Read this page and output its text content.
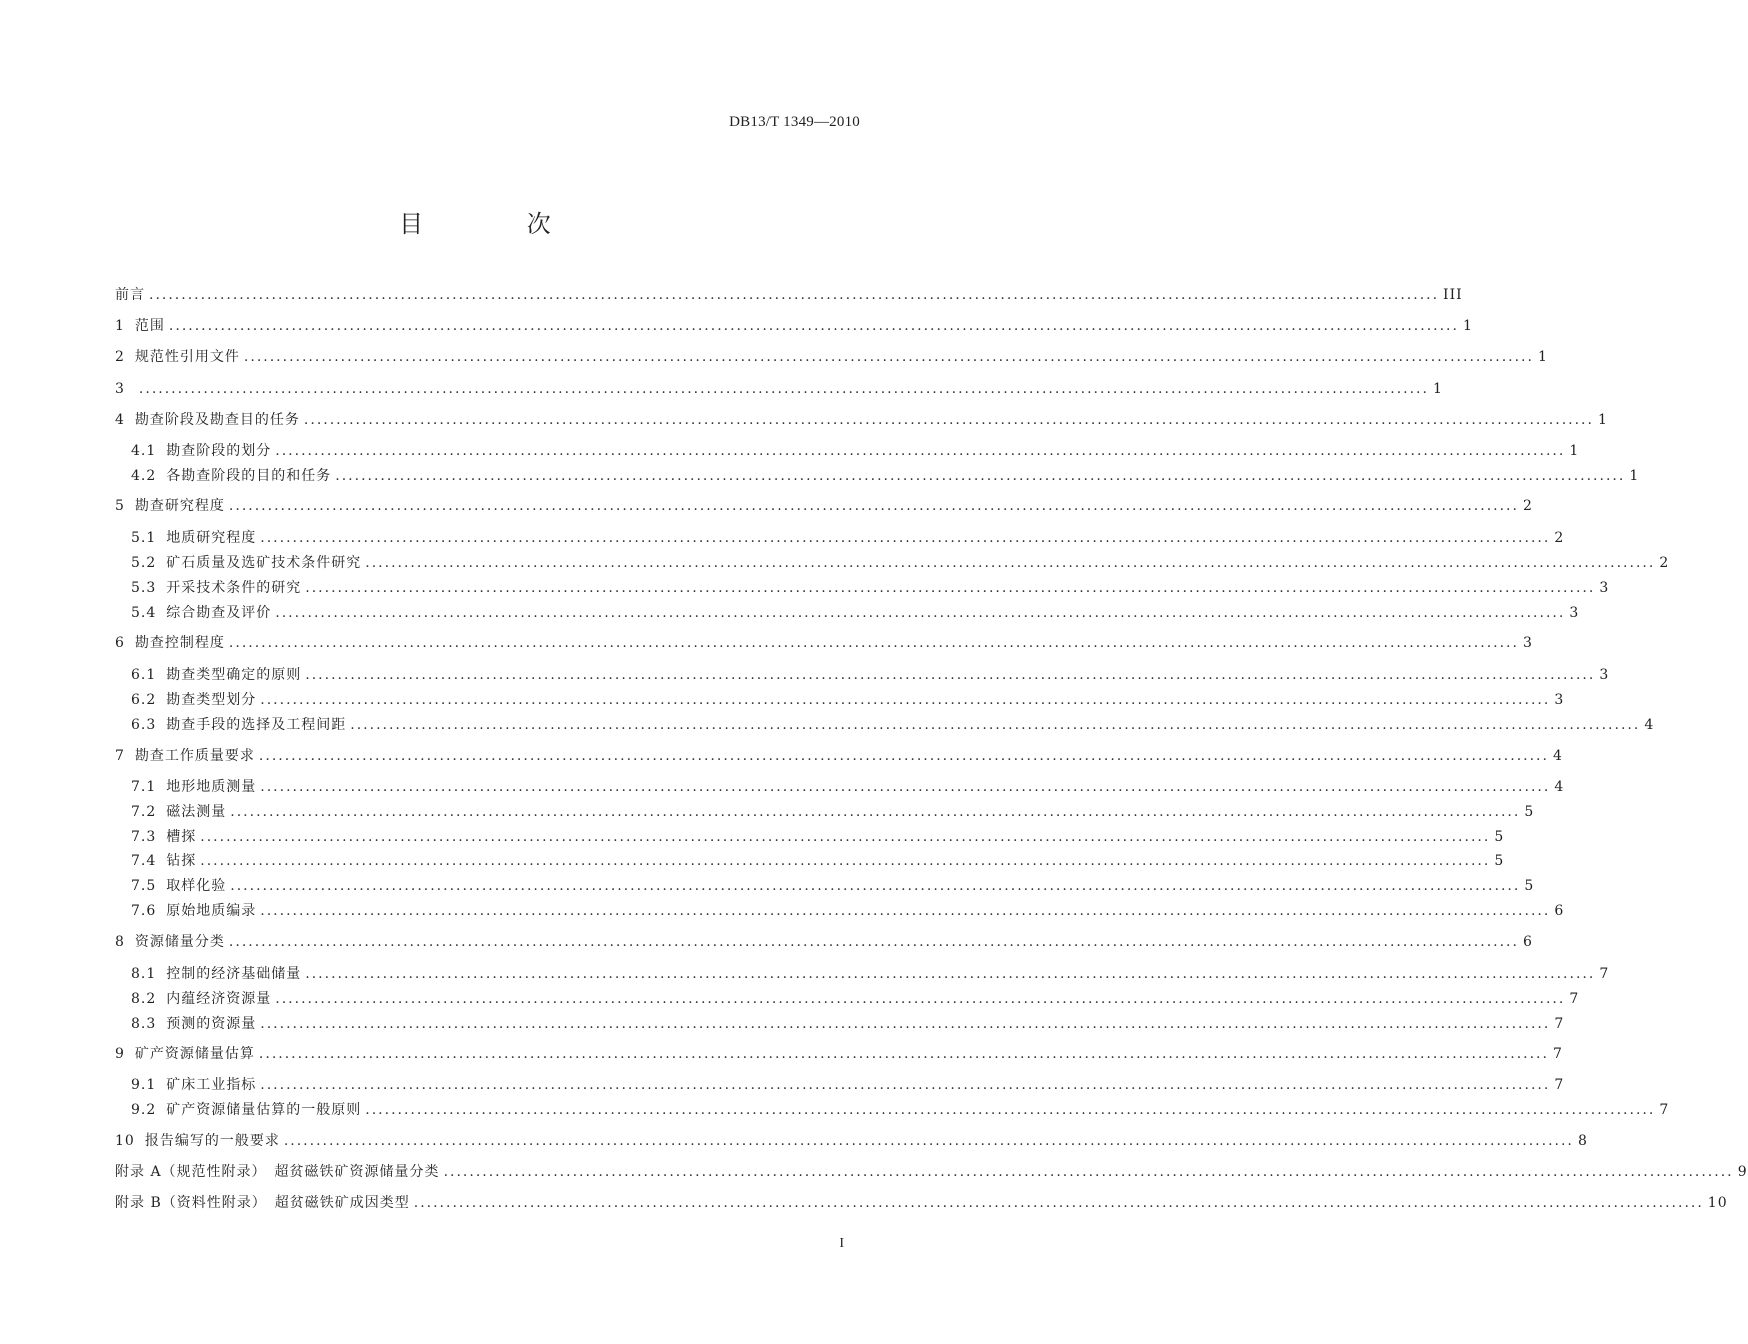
DB13/T 1349—2010
目 次
前言 ........................................................................................................................................................................................................ III
1 范围 ........................................................................................................................................................................................................ 1
2 规范性引用文件 ........................................................................................................................................................................................................ 1
3 ........................................................................................................................................................................................................ 1
4 勘查阶段及勘查目的任务 ........................................................................................................................................................................................................ 1
4.1 勘查阶段的划分 ........................................................................................................................................................................................................ 1
4.2 各勘查阶段的目的和任务 ........................................................................................................................................................................................................ 1
5 勘查研究程度 ........................................................................................................................................................................................................ 2
5.1 地质研究程度 ........................................................................................................................................................................................................ 2
5.2 矿石质量及选矿技术条件研究 ........................................................................................................................................................................................................ 2
5.3 开采技术条件的研究 ........................................................................................................................................................................................................ 3
5.4 综合勘查及评价 ........................................................................................................................................................................................................ 3
6 勘查控制程度 ........................................................................................................................................................................................................ 3
6.1 勘查类型确定的原则 ........................................................................................................................................................................................................ 3
6.2 勘查类型划分 ........................................................................................................................................................................................................ 3
6.3 勘查手段的选择及工程间距 ........................................................................................................................................................................................................ 4
7 勘查工作质量要求 ........................................................................................................................................................................................................ 4
7.1 地形地质测量 ........................................................................................................................................................................................................ 4
7.2 磁法测量 ........................................................................................................................................................................................................ 5
7.3 槽探 ........................................................................................................................................................................................................ 5
7.4 钻探 ........................................................................................................................................................................................................ 5
7.5 取样化验 ........................................................................................................................................................................................................ 5
7.6 原始地质编录 ........................................................................................................................................................................................................ 6
8 资源储量分类 ........................................................................................................................................................................................................ 6
8.1 控制的经济基础储量 ........................................................................................................................................................................................................ 7
8.2 内蕴经济资源量 ........................................................................................................................................................................................................ 7
8.3 预测的资源量 ........................................................................................................................................................................................................ 7
9 矿产资源储量估算 ........................................................................................................................................................................................................ 7
9.1 矿床工业指标 ........................................................................................................................................................................................................ 7
9.2 矿产资源储量估算的一般原则 ........................................................................................................................................................................................................ 7
10 报告编写的一般要求 ........................................................................................................................................................................................................ 8
附录 A（规范性附录）　超贫磁铁矿资源储量分类 ........................................................................................................................................................................................................ 9
附录 B（资料性附录）　超贫磁铁矿成因类型 ........................................................................................................................................................................................................ 10
I
